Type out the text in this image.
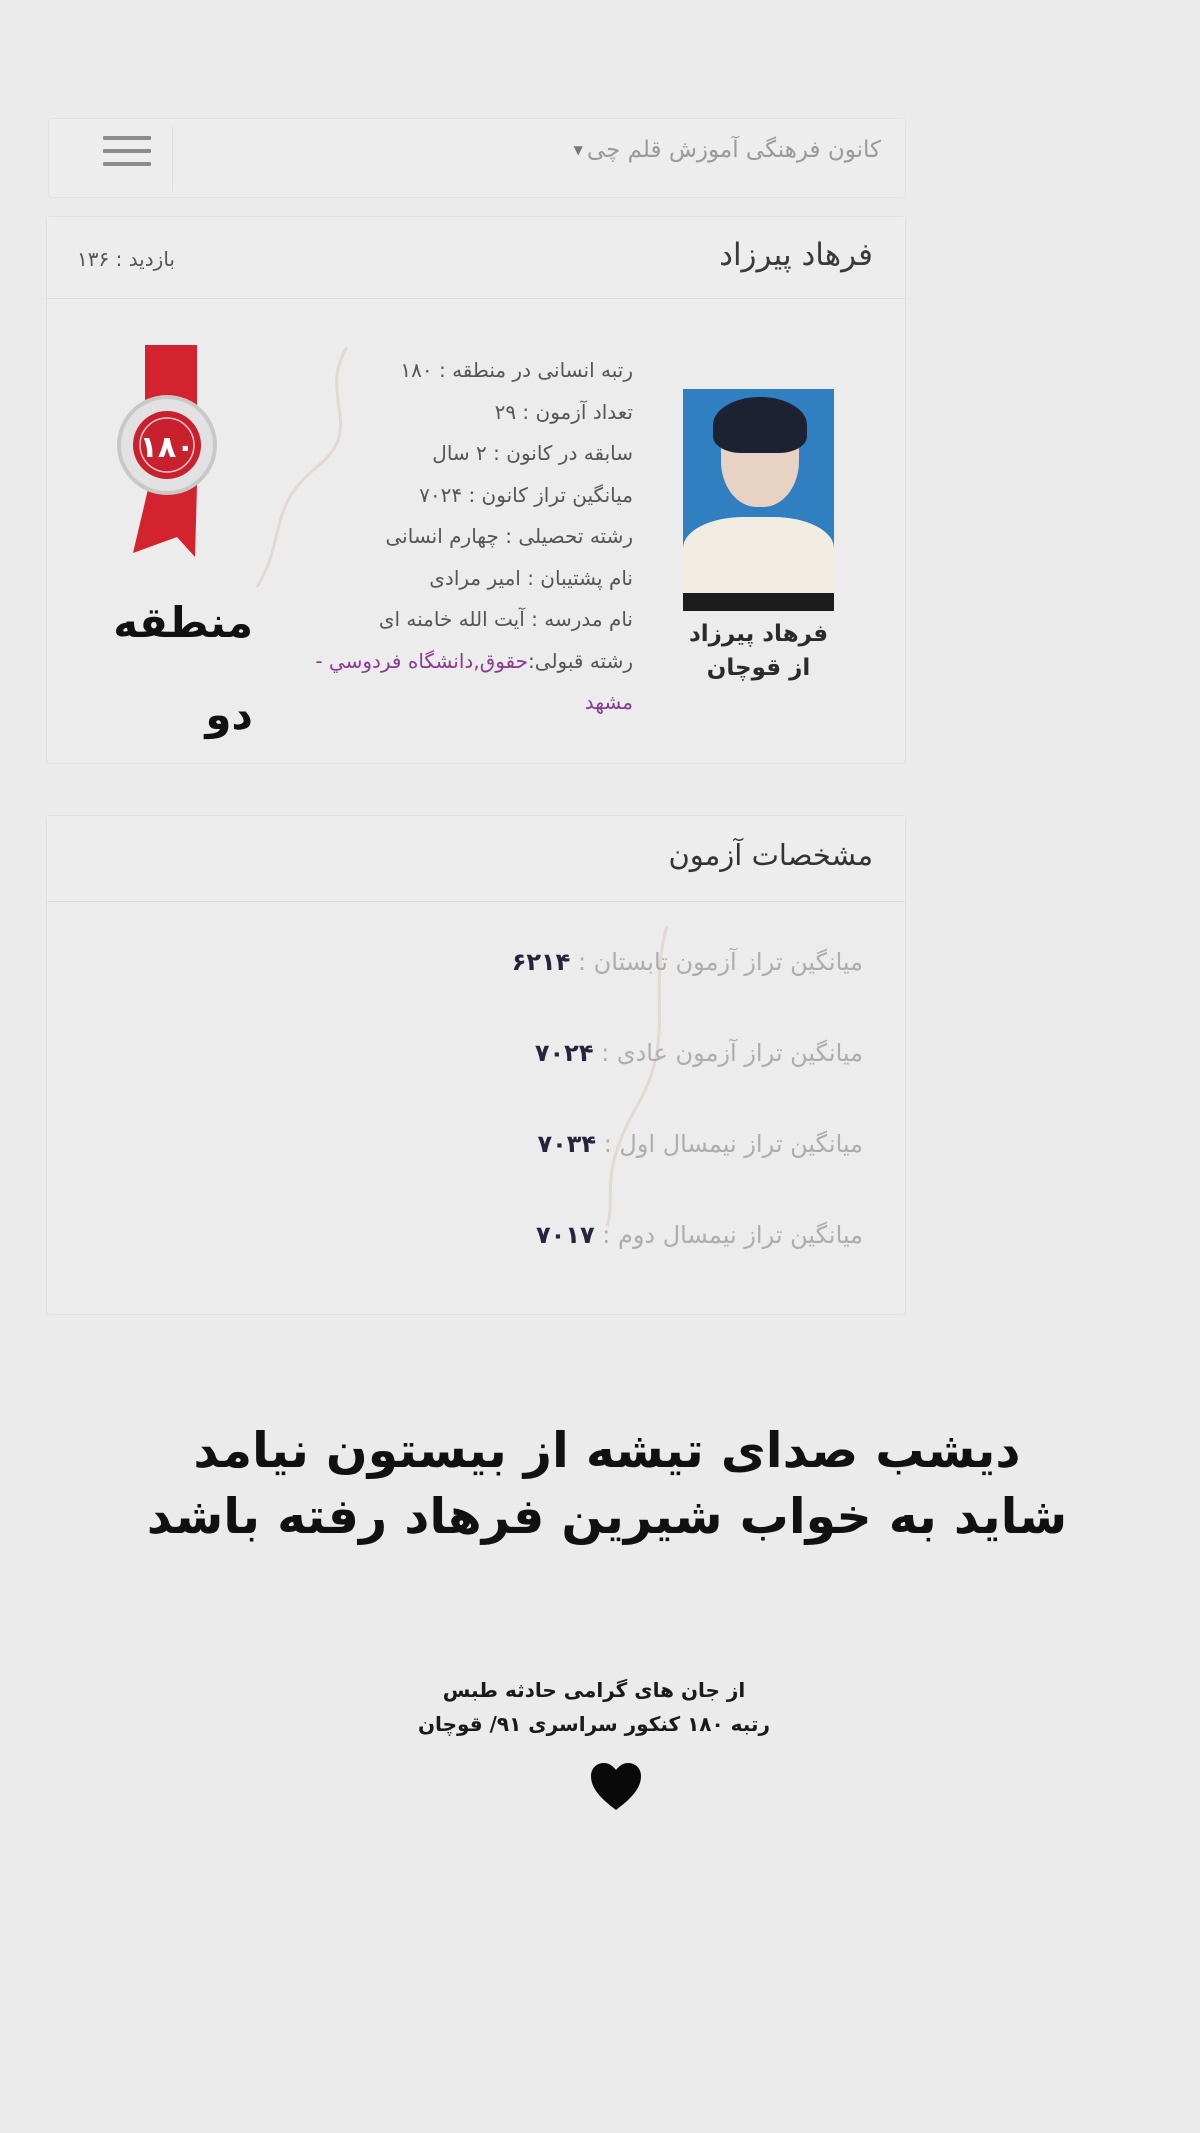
کانون فرهنگی آموزش قلم چی
▼
فرهاد پیرزاد
بازدید : ۱۳۶
فرهاد پیرزاد
از قوچان
رتبه انسانی در منطقه : ۱۸۰
تعداد آزمون : ۲۹
سابقه در کانون : ۲ سال
میانگین تراز کانون : ۷۰۲۴
رشته تحصیلی : چهارم انسانی
نام پشتیبان : امیر مرادی
نام مدرسه : آیت الله خامنه ای
رشته قبولی:حقوق,دانشگاه فردوسي - مشهد
۱۸۰
منطقه
دو
مشخصات آزمون
میانگین تراز آزمون تابستان : ۶۲۱۴
میانگین تراز آزمون عادی : ۷۰۲۴
میانگین تراز نیمسال اول : ۷۰۳۴
میانگین تراز نیمسال دوم : ۷۰۱۷
دیشب صدای تیشه از بیستون نیامد
شاید به خواب شیرین فرهاد رفته باشد
از جان های گرامی حادثه طبس
رتبه ۱۸۰ کنکور سراسری ۹۱/ قوچان
